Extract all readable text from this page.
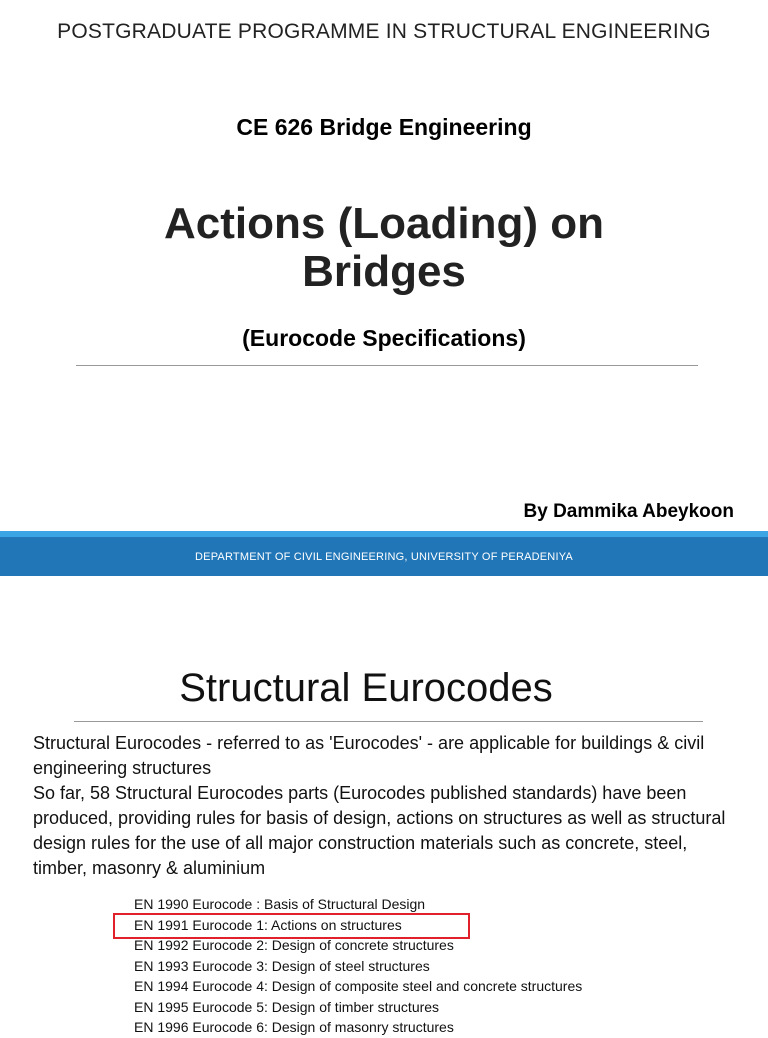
POSTGRADUATE PROGRAMME IN STRUCTURAL ENGINEERING
CE 626 Bridge Engineering
Actions (Loading) on Bridges
(Eurocode Specifications)
By Dammika Abeykoon
DEPARTMENT OF CIVIL ENGINEERING, UNIVERSITY OF PERADENIYA
Structural Eurocodes

Structural Eurocodes - referred to as 'Eurocodes' - are applicable for buildings & civil engineering structures

So far, 58 Structural Eurocodes parts (Eurocodes published standards) have been produced, providing rules for basis of design, actions on structures as well as structural design rules for the use of all major construction materials such as concrete, steel, timber, masonry & aluminium

EN 1990 Eurocode : Basis of Structural Design
EN 1991 Eurocode 1: Actions on structures
EN 1992 Eurocode 2: Design of concrete structures
EN 1993 Eurocode 3: Design of steel structures
EN 1994 Eurocode 4: Design of composite steel and concrete structures
EN 1995 Eurocode 5: Design of timber structures
EN 1996 Eurocode 6: Design of masonry structures
